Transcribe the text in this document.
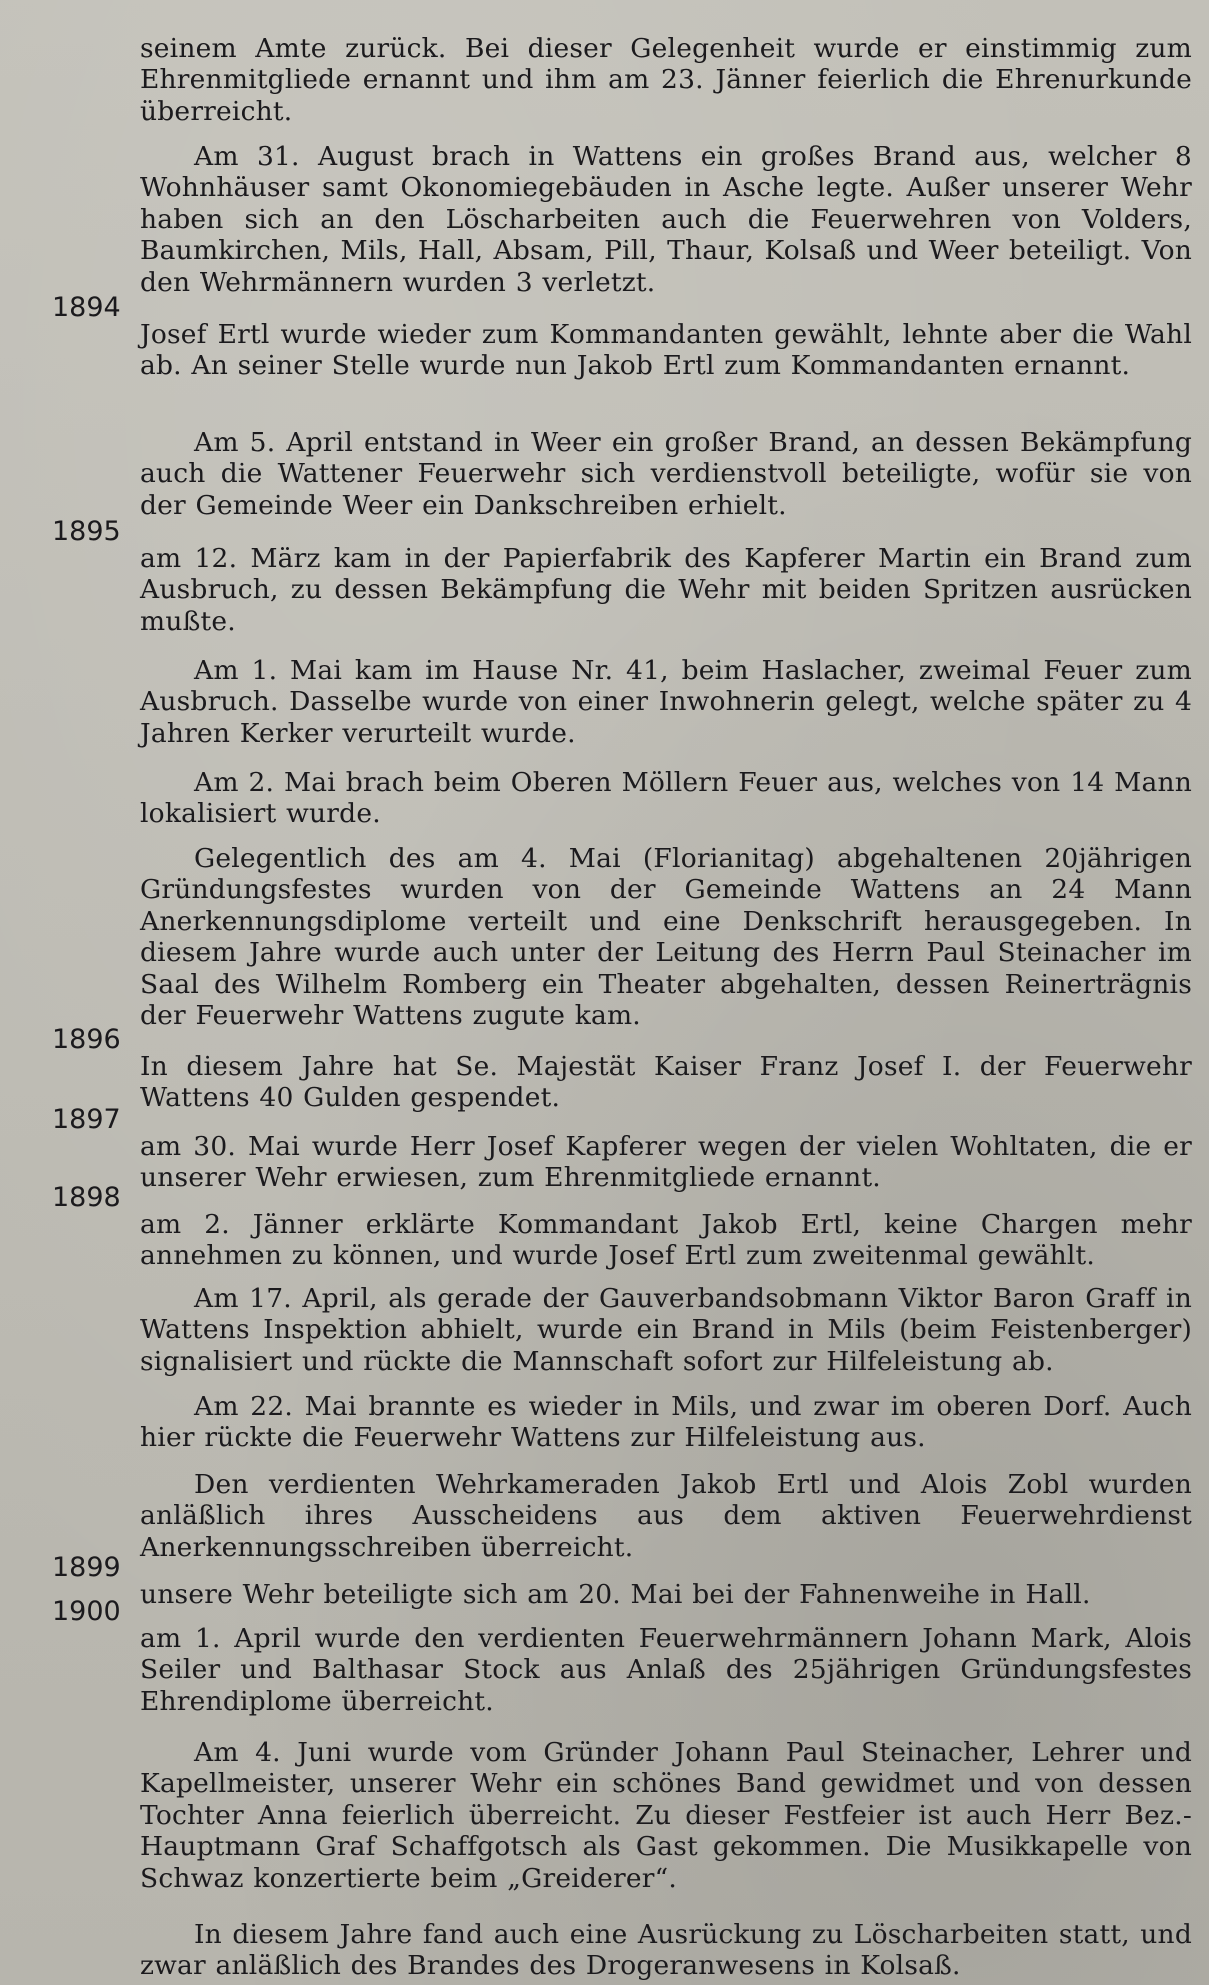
seinem Amte zurück. Bei dieser Gelegenheit wurde er einstimmig zum Ehrenmitgliede ernannt und ihm am 23. Jänner feierlich die Ehrenurkunde überreicht.

Am 31. August brach in Wattens ein großes Brand aus, welcher 8 Wohnhäuser samt Okonomiegebäuden in Asche legte. Außer unserer Wehr haben sich an den Löscharbeiten auch die Feuerwehren von Volders, Baumkirchen, Mils, Hall, Absam, Pill, Thaur, Kolsaß und Weer beteiligt. Von den Wehrmännern wurden 3 verletzt.

1894

Josef Ertl wurde wieder zum Kommandanten gewählt, lehnte aber die Wahl ab. An seiner Stelle wurde nun Jakob Ertl zum Kommandanten ernannt.

Am 5. April entstand in Weer ein großer Brand, an dessen Bekämpfung auch die Wattener Feuerwehr sich verdienstvoll beteiligte, wofür sie von der Gemeinde Weer ein Dankschreiben erhielt.

1895

am 12. März kam in der Papierfabrik des Kapferer Martin ein Brand zum Ausbruch, zu dessen Bekämpfung die Wehr mit beiden Spritzen ausrücken mußte.

Am 1. Mai kam im Hause Nr. 41, beim Haslacher, zweimal Feuer zum Ausbruch. Dasselbe wurde von einer Inwohnerin gelegt, welche später zu 4 Jahren Kerker verurteilt wurde.

Am 2. Mai brach beim Oberen Möllern Feuer aus, welches von 14 Mann lokalisiert wurde.

Gelegentlich des am 4. Mai (Florianitag) abgehaltenen 20jährigen Gründungsfestes wurden von der Gemeinde Wattens an 24 Mann Anerkennungsdiplome verteilt und eine Denkschrift herausgegeben. In diesem Jahre wurde auch unter der Leitung des Herrn Paul Steinacher im Saal des Wilhelm Romberg ein Theater abgehalten, dessen Reinerträgnis der Feuerwehr Wattens zugute kam.

1896

In diesem Jahre hat Se. Majestät Kaiser Franz Josef I. der Feuerwehr Wattens 40 Gulden gespendet.

1897

am 30. Mai wurde Herr Josef Kapferer wegen der vielen Wohltaten, die er unserer Wehr erwiesen, zum Ehrenmitgliede ernannt.

1898

am 2. Jänner erklärte Kommandant Jakob Ertl, keine Chargen mehr annehmen zu können, und wurde Josef Ertl zum zweitenmal gewählt.

Am 17. April, als gerade der Gauverbandsobmann Viktor Baron Graff in Wattens Inspektion abhielt, wurde ein Brand in Mils (beim Feistenberger) signalisiert und rückte die Mannschaft sofort zur Hilfeleistung ab.

Am 22. Mai brannte es wieder in Mils, und zwar im oberen Dorf. Auch hier rückte die Feuerwehr Wattens zur Hilfeleistung aus.

Den verdienten Wehrkameraden Jakob Ertl und Alois Zobl wurden anläßlich ihres Ausscheidens aus dem aktiven Feuerwehrdienst Anerkennungsschreiben überreicht.

1899

unsere Wehr beteiligte sich am 20. Mai bei der Fahnenweihe in Hall.

1900

am 1. April wurde den verdienten Feuerwehrmännern Johann Mark, Alois Seiler und Balthasar Stock aus Anlaß des 25jährigen Gründungsfestes Ehrendiplome überreicht.

Am 4. Juni wurde vom Gründer Johann Paul Steinacher, Lehrer und Kapellmeister, unserer Wehr ein schönes Band gewidmet und von dessen Tochter Anna feierlich überreicht. Zu dieser Festfeier ist auch Herr Bez.-Hauptmann Graf Schaffgotsch als Gast gekommen. Die Musikkapelle von Schwaz konzertierte beim „Greiderer“.

In diesem Jahre fand auch eine Ausrückung zu Löscharbeiten statt, und zwar anläßlich des Brandes des Drogeranwesens in Kolsaß.
